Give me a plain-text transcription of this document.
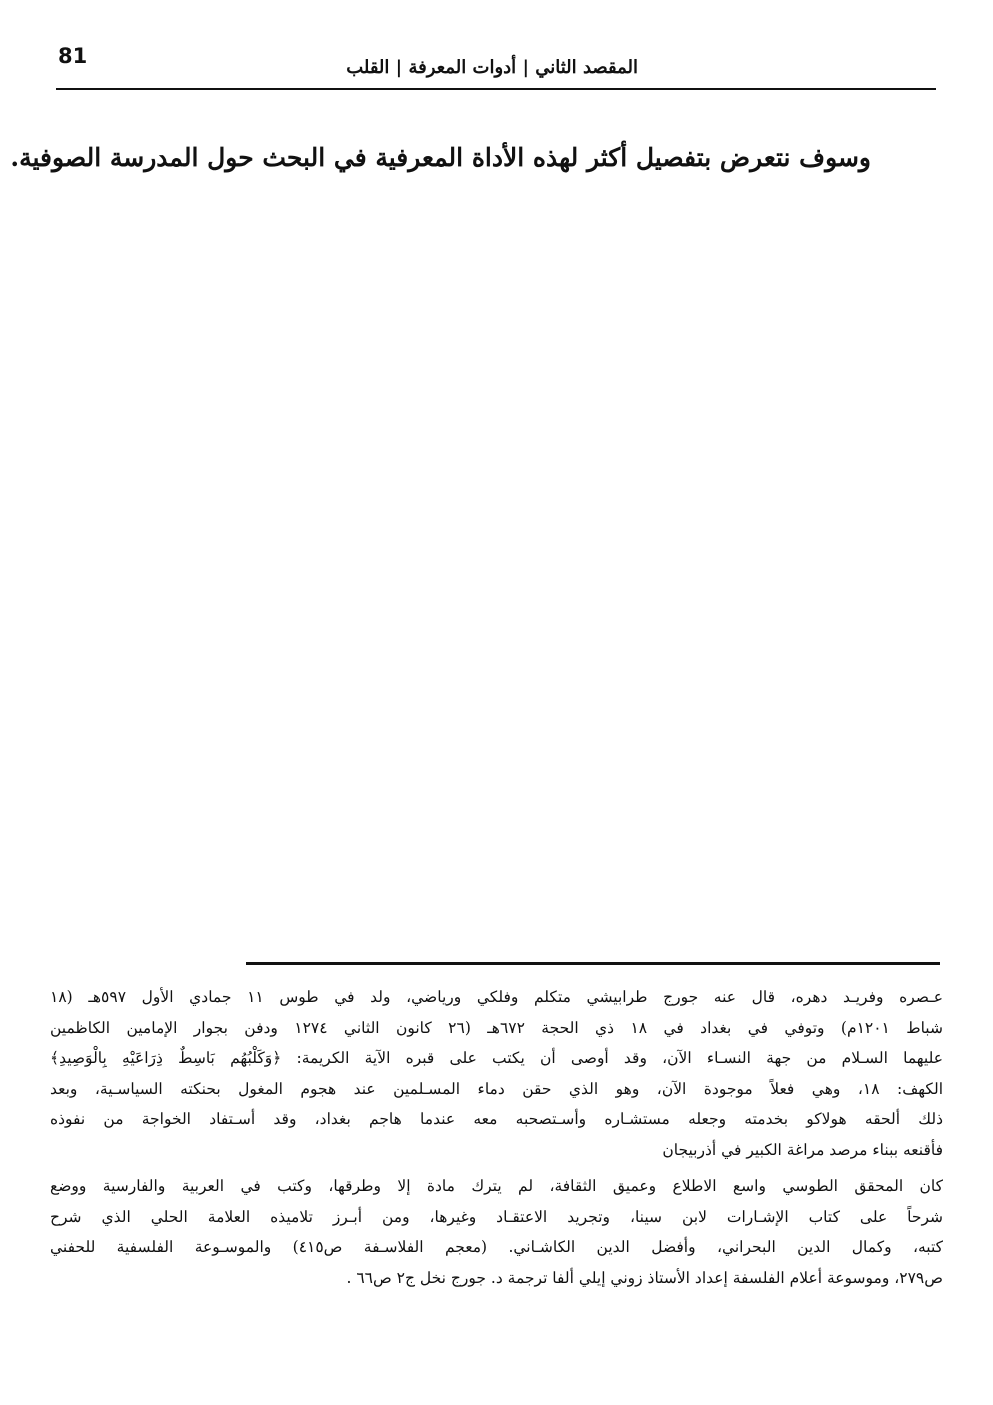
81	المقصد الثاني | أدوات المعرفة | القلب
وسوف نتعرض بتفصيل أكثر لهذه الأداة المعرفية في البحث حول المدرسة الصوفية.
عـصره وفريـد دهره، قال عنه جورج طرابيشي متكلم وفلكي ورياضي، ولد في طوس ١١ جمادي الأول ٥٩٧هـ (١٨
شباط ١٢٠١م) وتوفي في بغداد في ١٨ ذي الحجة ٦٧٢هـ (٢٦ كانون الثاني ١٢٧٤ ودفن بجوار الإمامين الكاظمين
عليهما السـلام من جهة النسـاء الآن، وقد أوصى أن يكتب على قبره الآية الكريمة: ﴿وَكَلْبُهُم بَاسِطٌ ذِرَاعَيْهِ بِالْوَصِيدِ﴾
الكهف: ١٨، وهي فعلاً موجودة الآن، وهو الذي حقن دماء المسـلمين عند هجوم المغول بحنكته السياسـية، وبعد
ذلك ألحقه هولاكو بخدمته وجعله مستشـاره وأسـتصحبه معه عندما هاجم بغداد، وقد أسـتفاد الخواجة من نفوذه
فأقنعه ببناء مرصد مراغة الكبير في أذربيجان
كان المحقق الطوسي واسع الاطلاع وعميق الثقافة، لم يترك مادة إلا وطرقها، وكتب في العربية والفارسية ووضع
شرحاً على كتاب الإشـارات لابن سينا، وتجريد الاعتقـاد وغيرها، ومن أبـرز تلاميذه العلامة الحلي الذي شرح
كتبه، وكمال الدين البحراني، وأفضل الدين الكاشـاني. (معجم الفلاسـفة ص٤١٥) والموسـوعة الفلسفية للحفني
ص٢٧٩، وموسوعة أعلام الفلسفة إعداد الأستاذ زوني إيلي ألفا ترجمة د. جورج نخل ج٢ ص٦٦ .
